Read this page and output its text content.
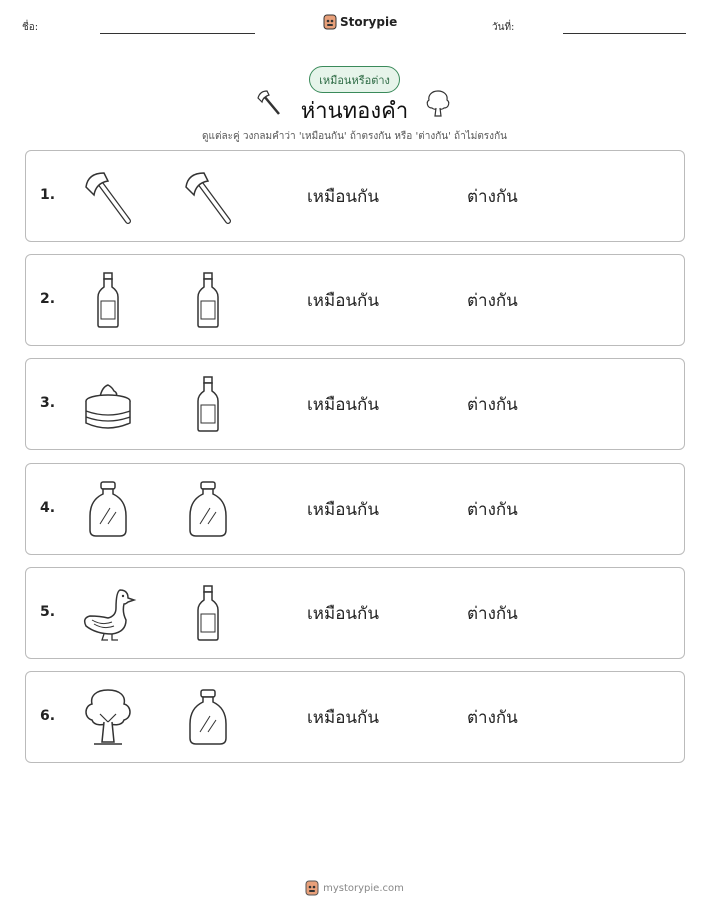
ชื่อ:	Storypie	วันที่:
เหมือนหรือต่าง
ห่านทองคำ
ดูแต่ละคู่ วงกลมคำว่า 'เหมือนกัน' ถ้าตรงกัน หรือ 'ต่างกัน' ถ้าไม่ตรงกัน
1.	เหมือนกัน	ต่างกัน
2.	เหมือนกัน	ต่างกัน
3.	เหมือนกัน	ต่างกัน
4.	เหมือนกัน	ต่างกัน
5.	เหมือนกัน	ต่างกัน
6.	เหมือนกัน	ต่างกัน
mystorypie.com
